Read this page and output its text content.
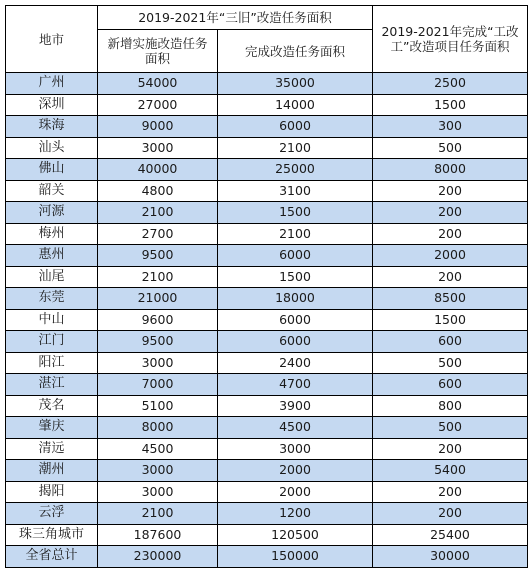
地市	2019-2021年“三旧”改造任务面积		2019-2021年完成“工改工”改造项目任务面积
	新增实施改造任务面积	完成改造任务面积	
广州	54000	35000	2500
深圳	27000	14000	1500
珠海	9000	6000	300
汕头	3000	2100	500
佛山	40000	25000	8000
韶关	4800	3100	200
河源	2100	1500	200
梅州	2700	2100	200
惠州	9500	6000	2000
汕尾	2100	1500	200
东莞	21000	18000	8500
中山	9600	6000	1500
江门	9500	6000	600
阳江	3000	2400	500
湛江	7000	4700	600
茂名	5100	3900	800
肇庆	8000	4500	500
清远	4500	3000	200
潮州	3000	2000	5400
揭阳	3000	2000	200
云浮	2100	1200	200
珠三角城市	187600	120500	25400
全省总计	230000	150000	30000
